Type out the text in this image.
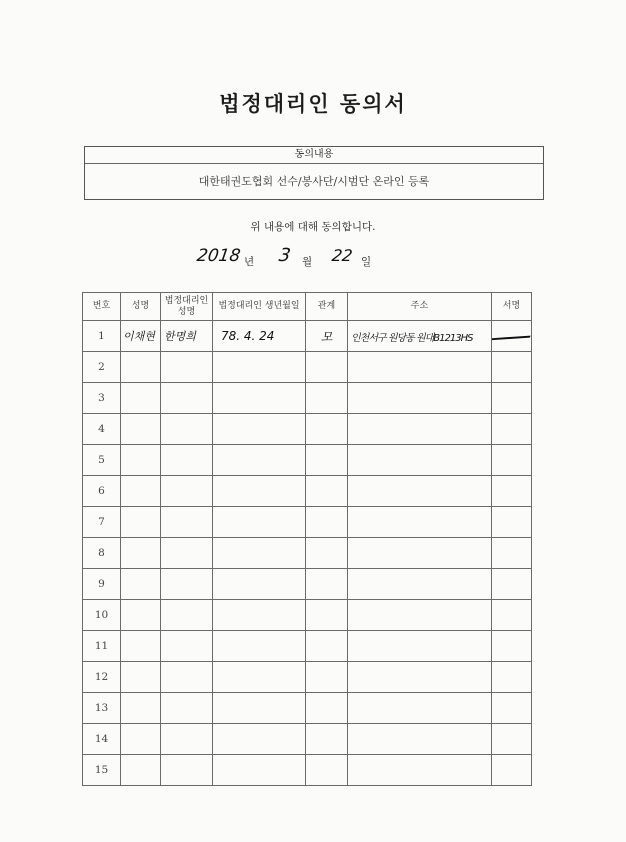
법정대리인 동의서
동의내용
대한태권도협회 선수/봉사단/시범단 온라인 등록
위 내용에 대해 동의합니다.
2018 년 3 월 22 일
번호	성명	법정대리인 성명	법정대리인 생년월일	관계	주소	서명
1	이채현	한명희	78. 4. 24	모	인천서구 원당동 원대B1213HS	
2						
3						
4						
5						
6						
7						
8						
9						
10						
11						
12						
13						
14						
15						
